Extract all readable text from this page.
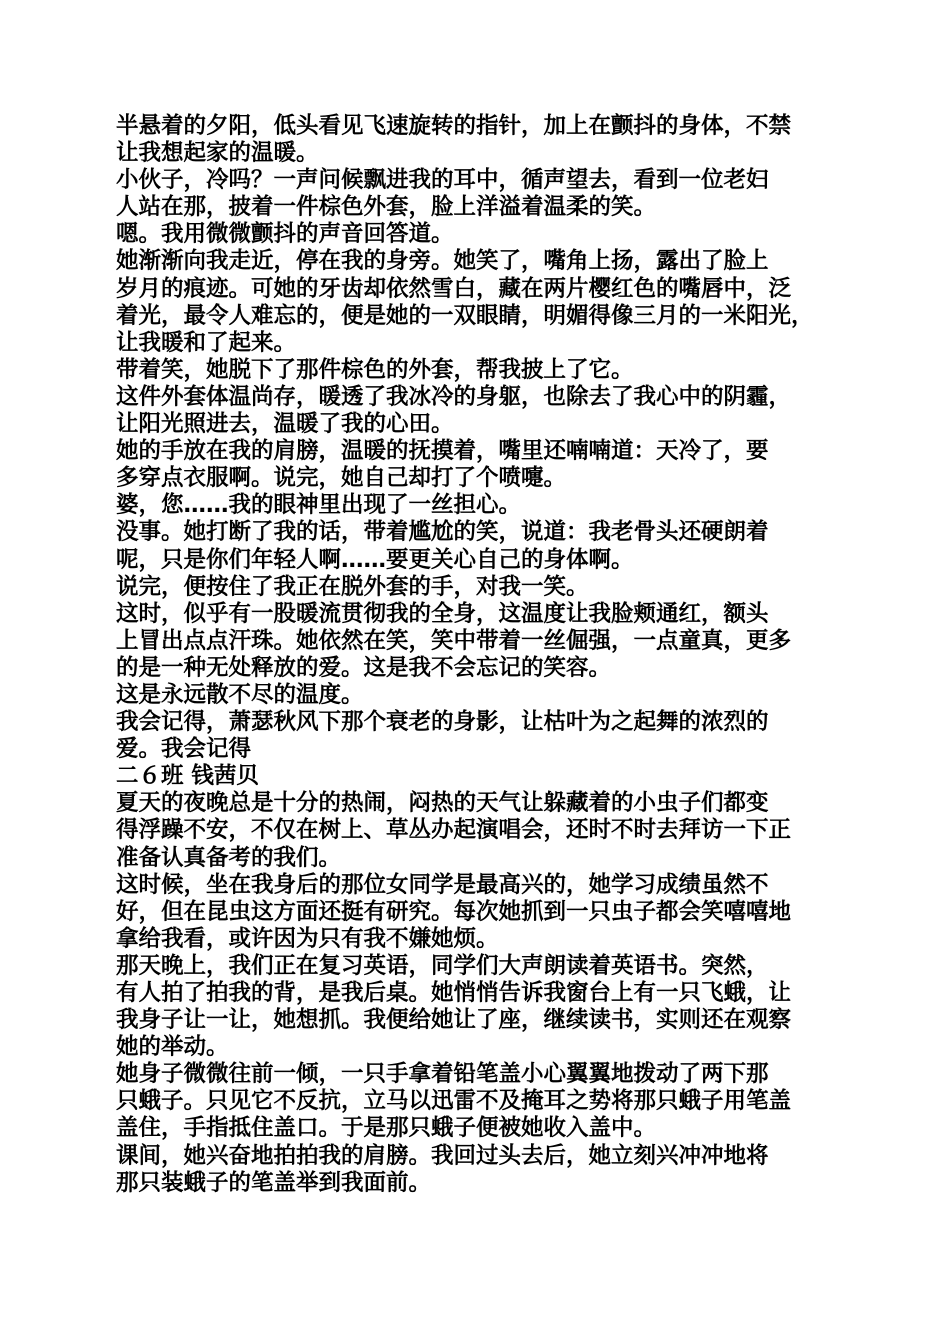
半悬着的夕阳，低头看见飞速旋转的指针，加上在颤抖的身体，不禁
让我想起家的温暖。
小伙子，冷吗？一声问候飘进我的耳中，循声望去，看到一位老妇
人站在那，披着一件棕色外套，脸上洋溢着温柔的笑。
嗯。我用微微颤抖的声音回答道。
她渐渐向我走近，停在我的身旁。她笑了，嘴角上扬，露出了脸上
岁月的痕迹。可她的牙齿却依然雪白，藏在两片樱红色的嘴唇中，泛
着光，最令人难忘的，便是她的一双眼睛，明媚得像三月的一米阳光，
让我暖和了起来。
带着笑，她脱下了那件棕色的外套，帮我披上了它。
这件外套体温尚存，暖透了我冰冷的身躯，也除去了我心中的阴霾，
让阳光照进去，温暖了我的心田。
她的手放在我的肩膀，温暖的抚摸着，嘴里还喃喃道：天冷了，要
多穿点衣服啊。说完，她自己却打了个喷嚏。
婆，您……我的眼神里出现了一丝担心。
没事。她打断了我的话，带着尴尬的笑，说道：我老骨头还硬朗着
呢，只是你们年轻人啊……要更关心自己的身体啊。
说完，便按住了我正在脱外套的手，对我一笑。
这时，似乎有一股暖流贯彻我的全身，这温度让我脸颊通红，额头
上冒出点点汗珠。她依然在笑，笑中带着一丝倔强，一点童真，更多
的是一种无处释放的爱。这是我不会忘记的笑容。
这是永远散不尽的温度。
我会记得，萧瑟秋风下那个衰老的身影，让枯叶为之起舞的浓烈的
爱。我会记得
二６班 钱茜贝
夏天的夜晚总是十分的热闹，闷热的天气让躲藏着的小虫子们都变
得浮躁不安，不仅在树上、草丛办起演唱会，还时不时去拜访一下正
准备认真备考的我们。
这时候，坐在我身后的那位女同学是最高兴的，她学习成绩虽然不
好，但在昆虫这方面还挺有研究。每次她抓到一只虫子都会笑嘻嘻地
拿给我看，或许因为只有我不嫌她烦。
那天晚上，我们正在复习英语，同学们大声朗读着英语书。突然，
有人拍了拍我的背，是我后桌。她悄悄告诉我窗台上有一只飞蛾，让
我身子让一让，她想抓。我便给她让了座，继续读书，实则还在观察
她的举动。
她身子微微往前一倾，一只手拿着铅笔盖小心翼翼地拨动了两下那
只蛾子。只见它不反抗，立马以迅雷不及掩耳之势将那只蛾子用笔盖
盖住，手指抵住盖口。于是那只蛾子便被她收入盖中。
课间，她兴奋地拍拍我的肩膀。我回过头去后，她立刻兴冲冲地将
那只装蛾子的笔盖举到我面前。
